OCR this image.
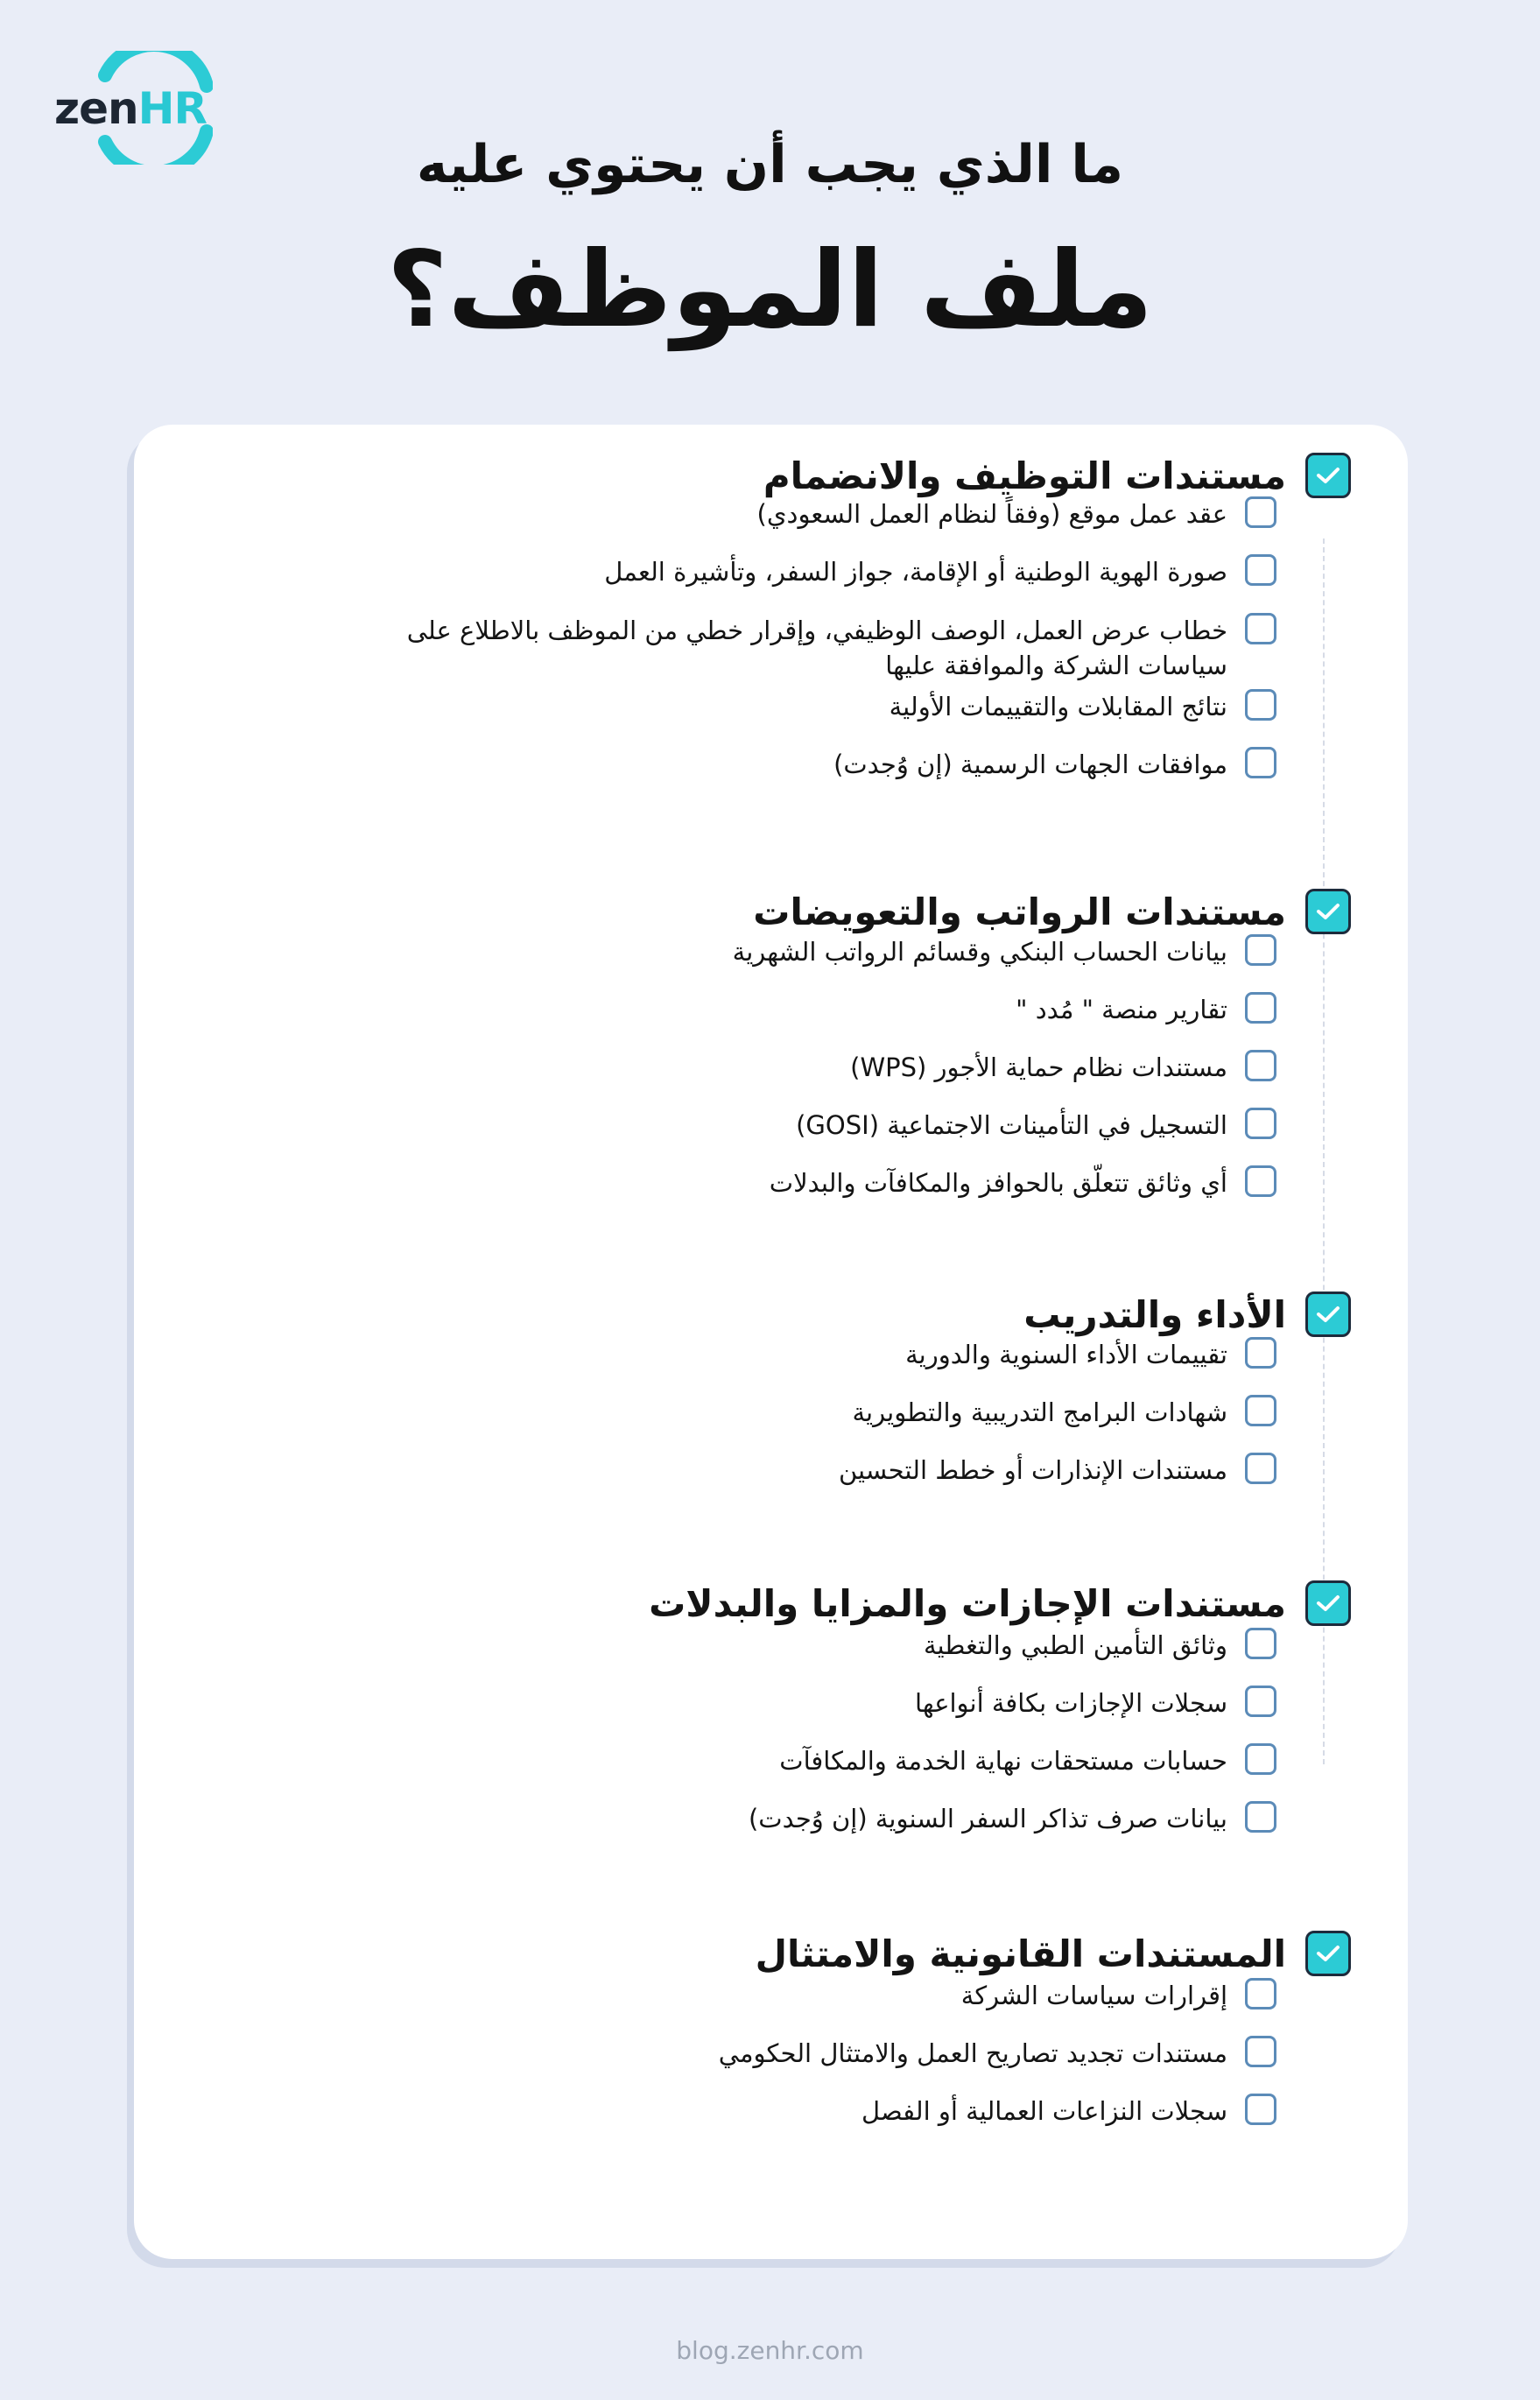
zenHR
ما الذي يجب أن يحتوي عليه
ملف الموظف؟
مستندات التوظيف والانضمام
عقد عمل موقع (وفقاً لنظام العمل السعودي)
صورة الهوية الوطنية أو الإقامة، جواز السفر، وتأشيرة العمل
خطاب عرض العمل، الوصف الوظيفي، وإقرار خطي من الموظف بالاطلاع على سياسات الشركة والموافقة عليها
نتائج المقابلات والتقييمات الأولية
موافقات الجهات الرسمية (إن وُجدت)
مستندات الرواتب والتعويضات
بيانات الحساب البنكي وقسائم الرواتب الشهرية
تقارير منصة " مُدد "
مستندات نظام حماية الأجور (WPS)
التسجيل في التأمينات الاجتماعية (GOSI)
أي وثائق تتعلّق بالحوافز والمكافآت والبدلات
الأداء والتدريب
تقييمات الأداء السنوية والدورية
شهادات البرامج التدريبية والتطويرية
مستندات الإنذارات أو خطط التحسين
مستندات الإجازات والمزايا والبدلات
وثائق التأمين الطبي والتغطية
سجلات الإجازات بكافة أنواعها
حسابات مستحقات نهاية الخدمة والمكافآت
بيانات صرف تذاكر السفر السنوية (إن وُجدت)
المستندات القانونية والامتثال
إقرارات سياسات الشركة
مستندات تجديد تصاريح العمل والامتثال الحكومي
سجلات النزاعات العمالية أو الفصل
blog.zenhr.com
